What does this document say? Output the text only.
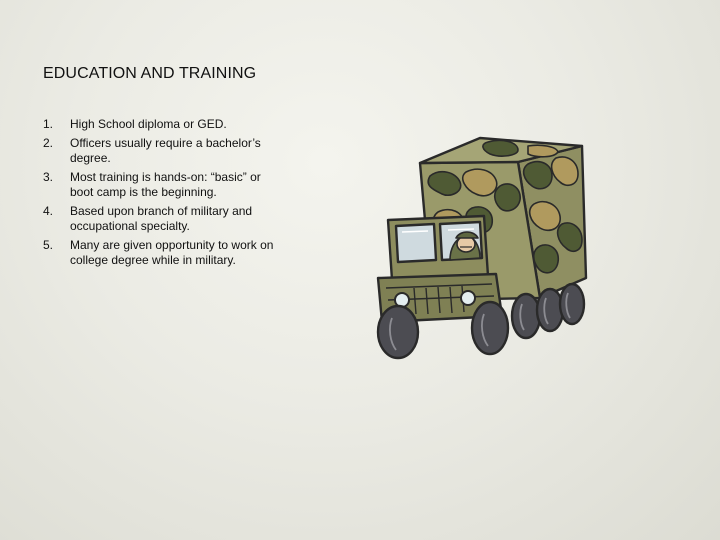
EDUCATION AND TRAINING
1. High School diploma or GED.
2. Officers usually require a bachelor’s degree.
3. Most training is hands-on: “basic” or boot camp is the beginning.
4. Based upon branch of military and occupational specialty.
5. Many are given opportunity to work on college degree while in military.
